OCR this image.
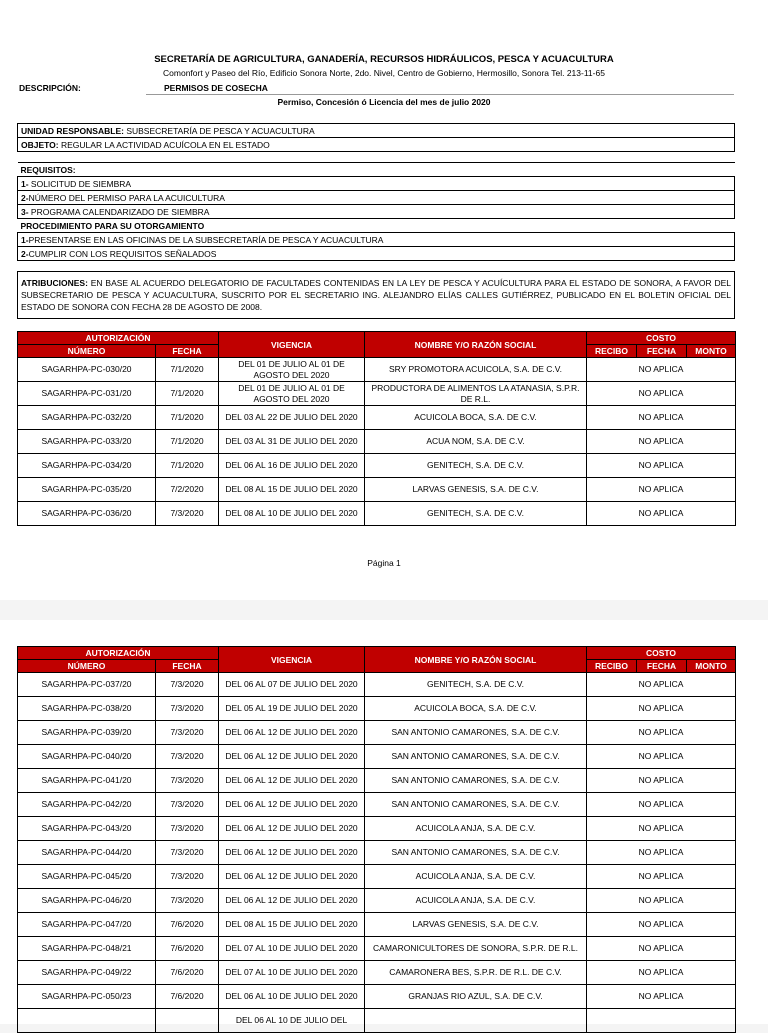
SECRETARÍA DE AGRICULTURA, GANADERÍA, RECURSOS HIDRÁULICOS, PESCA Y ACUACULTURA
Comonfort y Paseo del Río, Edificio Sonora Norte, 2do. Nivel, Centro de Gobierno, Hermosillo, Sonora Tel. 213-11-65
DESCRIPCIÓN:	PERMISOS DE COSECHA
Permiso, Concesión ó Licencia del mes de julio 2020
UNIDAD RESPONSABLE: SUBSECRETARÍA DE PESCA Y ACUACULTURA
OBJETO: REGULAR LA ACTIVIDAD ACUÍCOLA EN EL ESTADO

REQUISITOS:
1- SOLICITUD DE SIEMBRA
2-NÚMERO DEL PERMISO PARA LA ACUICULTURA
3- PROGRAMA CALENDARIZADO DE SIEMBRA
PROCEDIMIENTO PARA SU OTORGAMIENTO
1-PRESENTARSE EN LAS OFICINAS DE LA SUBSECRETARÍA DE PESCA Y ACUACULTURA
2-CUMPLIR CON LOS REQUISITOS SEÑALADOS

ATRIBUCIONES: EN BASE AL ACUERDO DELEGATORIO DE FACULTADES CONTENIDAS EN LA LEY DE PESCA Y ACUÍCULTURA PARA EL ESTADO DE SONORA, A FAVOR DEL SUBSECRETARIO DE PESCA Y ACUACULTURA, SUSCRITO POR EL SECRETARIO ING. ALEJANDRO ELÍAS CALLES GUTIÉRREZ, PUBLICADO EN EL BOLETIN OFICIAL DEL ESTADO DE SONORA CON FECHA 28 DE AGOSTO DE 2008.
AUTORIZACIÓN		VIGENCIA	NOMBRE Y/O RAZÓN SOCIAL	COSTO		
NÚMERO	FECHA			RECIBO	FECHA	MONTO
SAGARHPA-PC-030/20	7/1/2020	DEL 01 DE JULIO AL 01 DE AGOSTO DEL 2020	SRY PROMOTORA ACUICOLA, S.A. DE C.V.	NO APLICA		
SAGARHPA-PC-031/20	7/1/2020	DEL 01 DE JULIO AL 01 DE AGOSTO DEL 2020	PRODUCTORA DE ALIMENTOS LA ATANASIA, S.P.R. DE R.L.	NO APLICA		
SAGARHPA-PC-032/20	7/1/2020	DEL 03 AL 22 DE JULIO DEL 2020	ACUICOLA BOCA, S.A. DE C.V.	NO APLICA		
SAGARHPA-PC-033/20	7/1/2020	DEL 03 AL 31 DE JULIO DEL 2020	ACUA NOM, S.A. DE C.V.	NO APLICA		
SAGARHPA-PC-034/20	7/1/2020	DEL 06 AL 16 DE JULIO DEL 2020	GENITECH, S.A. DE C.V.	NO APLICA		
SAGARHPA-PC-035/20	7/2/2020	DEL 08 AL 15 DE JULIO DEL 2020	LARVAS GENESIS, S.A. DE C.V.	NO APLICA		
SAGARHPA-PC-036/20	7/3/2020	DEL 08 AL 10 DE JULIO DEL 2020	GENITECH, S.A. DE C.V.	NO APLICA		
Página 1
AUTORIZACIÓN		VIGENCIA	NOMBRE Y/O RAZÓN SOCIAL	COSTO		
NÚMERO	FECHA			RECIBO	FECHA	MONTO
SAGARHPA-PC-037/20	7/3/2020	DEL 06 AL 07 DE JULIO DEL 2020	GENITECH, S.A. DE C.V.	NO APLICA		
SAGARHPA-PC-038/20	7/3/2020	DEL 05 AL 19 DE JULIO DEL 2020	ACUICOLA BOCA, S.A. DE C.V.	NO APLICA		
SAGARHPA-PC-039/20	7/3/2020	DEL 06 AL 12 DE JULIO DEL 2020	SAN ANTONIO CAMARONES, S.A. DE C.V.	NO APLICA		
SAGARHPA-PC-040/20	7/3/2020	DEL 06 AL 12 DE JULIO DEL 2020	SAN ANTONIO CAMARONES, S.A. DE C.V.	NO APLICA		
SAGARHPA-PC-041/20	7/3/2020	DEL 06 AL 12 DE JULIO DEL 2020	SAN ANTONIO CAMARONES, S.A. DE C.V.	NO APLICA		
SAGARHPA-PC-042/20	7/3/2020	DEL 06 AL 12 DE JULIO DEL 2020	SAN ANTONIO CAMARONES, S.A. DE C.V.	NO APLICA		
SAGARHPA-PC-043/20	7/3/2020	DEL 06 AL 12 DE JULIO DEL 2020	ACUICOLA ANJA, S.A. DE C.V.	NO APLICA		
SAGARHPA-PC-044/20	7/3/2020	DEL 06 AL 12 DE JULIO DEL 2020	SAN ANTONIO CAMARONES, S.A. DE C.V.	NO APLICA		
SAGARHPA-PC-045/20	7/3/2020	DEL 06 AL 12 DE JULIO DEL 2020	ACUICOLA ANJA, S.A. DE C.V.	NO APLICA		
SAGARHPA-PC-046/20	7/3/2020	DEL 06 AL 12 DE JULIO DEL 2020	ACUICOLA ANJA, S.A. DE C.V.	NO APLICA		
SAGARHPA-PC-047/20	7/6/2020	DEL 08 AL 15 DE JULIO DEL 2020	LARVAS GENESIS, S.A. DE C.V.	NO APLICA		
SAGARHPA-PC-048/21	7/6/2020	DEL 07 AL 10 DE JULIO DEL 2020	CAMARONICULTORES DE SONORA, S.P.R. DE R.L.	NO APLICA		
SAGARHPA-PC-049/22	7/6/2020	DEL 07 AL 10 DE JULIO DEL 2020	CAMARONERA BES, S.P.R. DE R.L. DE C.V.	NO APLICA		
SAGARHPA-PC-050/23	7/6/2020	DEL 06 AL 10 DE JULIO DEL 2020	GRANJAS RIO AZUL, S.A. DE C.V.	NO APLICA		
		DEL 06 AL 10 DE JULIO DEL				
